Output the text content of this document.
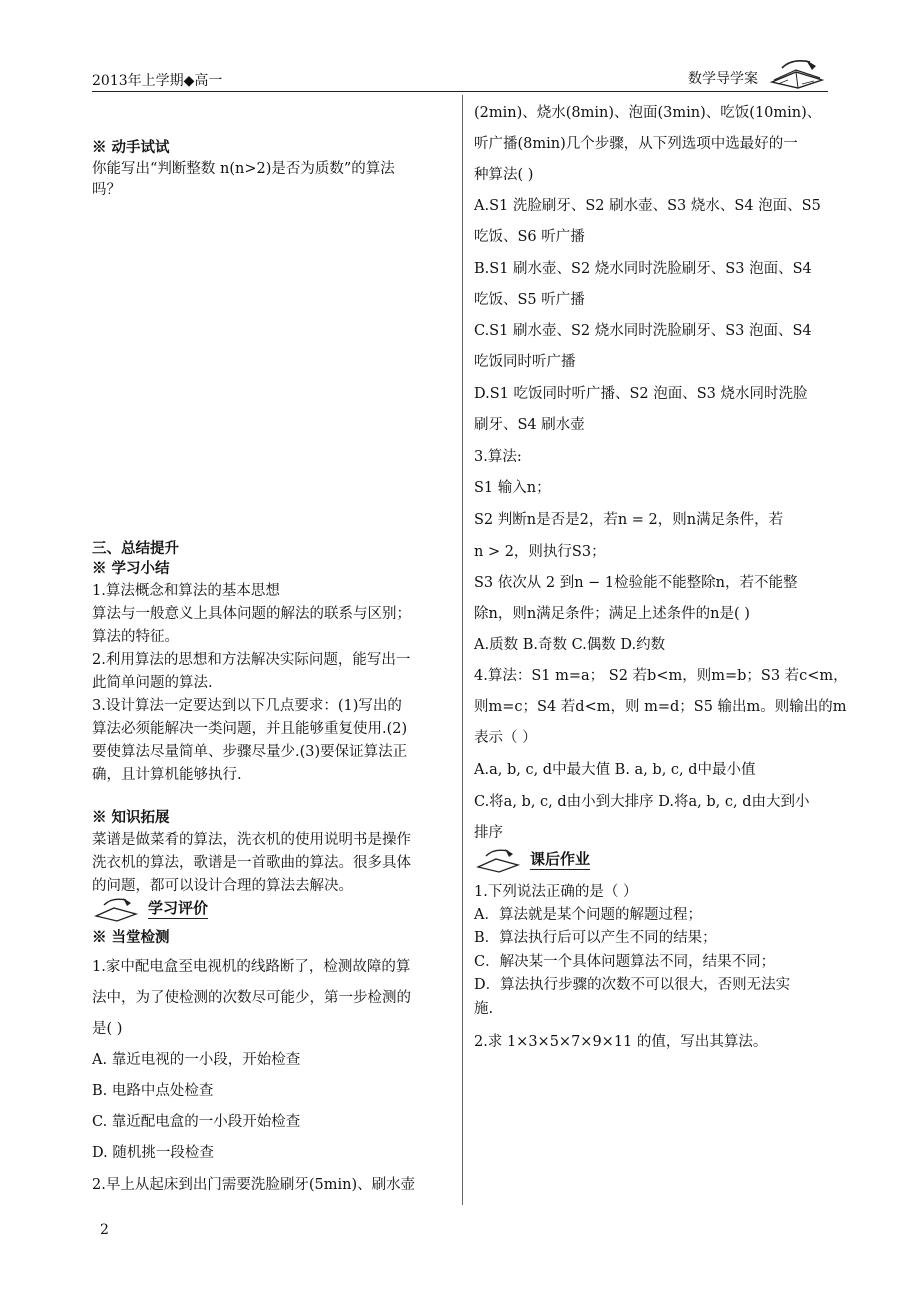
2013年上学期◆高一	数学导学案
※ 动手试试
你能写出“判断整数 n(n>2)是否为质数”的算法
吗？
三、总结提升
※ 学习小结
1.算法概念和算法的基本思想
算法与一般意义上具体问题的解法的联系与区别；
算法的特征。
2.利用算法的思想和方法解决实际问题，能写出一
此简单问题的算法.
3.设计算法一定要达到以下几点要求：(1)写出的
算法必须能解决一类问题，并且能够重复使用.(2)
要使算法尽量简单、步骤尽量少.(3)要保证算法正
确，且计算机能够执行.
※ 知识拓展
菜谱是做菜肴的算法，洗衣机的使用说明书是操作
洗衣机的算法，歌谱是一首歌曲的算法。很多具体
的问题，都可以设计合理的算法去解决。
学习评价
※ 当堂检测
1.家中配电盒至电视机的线路断了，检测故障的算
法中，为了使检测的次数尽可能少，第一步检测的
是( )
A. 靠近电视的一小段，开始检查
B. 电路中点处检查
C. 靠近配电盒的一小段开始检查
D. 随机挑一段检查
2.早上从起床到出门需要洗脸刷牙(5min)、刷水壶
(2min)、烧水(8min)、泡面(3min)、吃饭(10min)、
听广播(8min)几个步骤，从下列选项中选最好的一
种算法( )
A.S1 洗脸刷牙、S2 刷水壶、S3 烧水、S4 泡面、S5
吃饭、S6 听广播
B.S1 刷水壶、S2 烧水同时洗脸刷牙、S3 泡面、S4
吃饭、S5 听广播
C.S1 刷水壶、S2 烧水同时洗脸刷牙、S3 泡面、S4
吃饭同时听广播
D.S1 吃饭同时听广播、S2 泡面、S3 烧水同时洗脸
刷牙、S4 刷水壶
3.算法:
S1 输入n；
S2 判断n是否是2，若n = 2，则n满足条件，若
n > 2，则执行S3；
S3 依次从 2 到n − 1检验能不能整除n，若不能整
除n，则n满足条件；满足上述条件的n是( )
A.质数 B.奇数 C.偶数 D.约数
4.算法：S1 m=a； S2 若b<m，则m=b；S3 若c<m，
则m=c；S4 若d<m，则 m=d；S5 输出m。则输出的m
表示（ ）
A.a, b, c, d中最大值 B. a, b, c, d中最小值
C.将a, b, c, d由小到大排序 D.将a, b, c, d由大到小
排序
课后作业
1.下列说法正确的是（ ）
A．算法就是某个问题的解题过程；
B．算法执行后可以产生不同的结果；
C．解决某一个具体问题算法不同，结果不同；
D．算法执行步骤的次数不可以很大，否则无法实
施.
2.求 1×3×5×7×9×11 的值，写出其算法。
2
